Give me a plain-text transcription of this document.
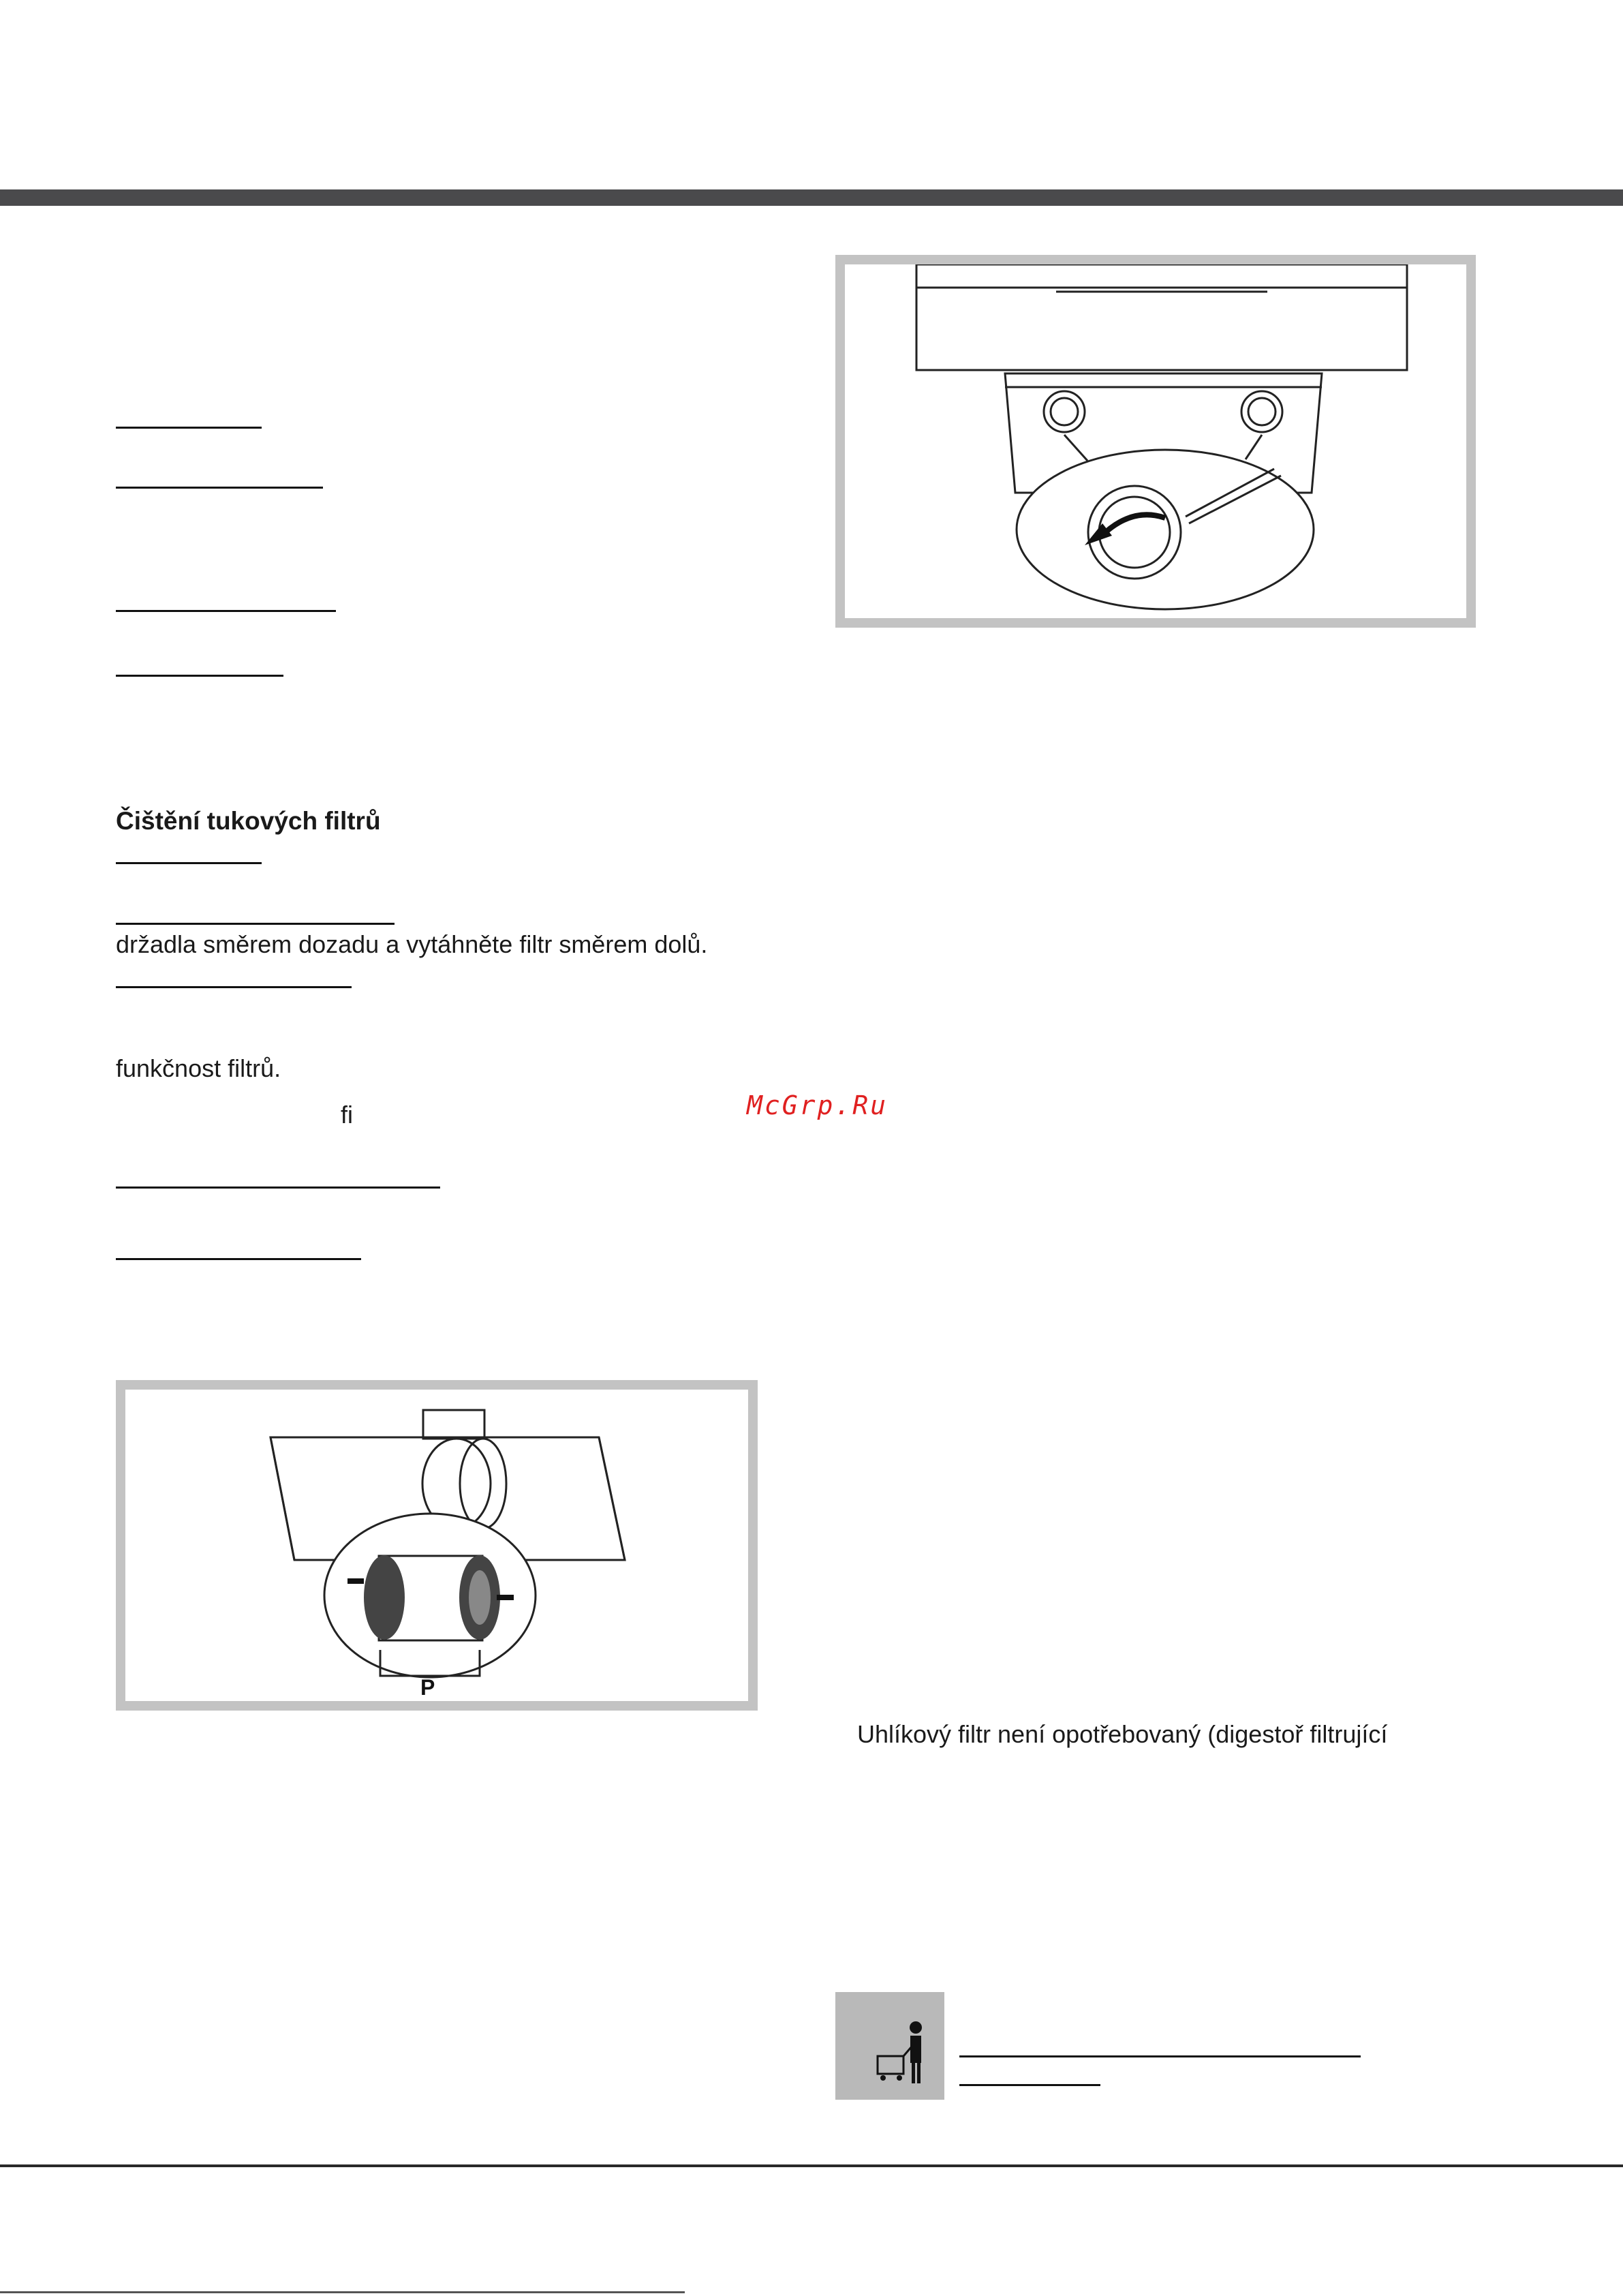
Čištění tukových filtrů
držadla směrem dozadu a vytáhněte filtr směrem dolů.
funkčnost filtrů.
ﬁ	McGrp.Ru
P
Uhlíkový filtr není opotřebovaný (digestoř filtrující
